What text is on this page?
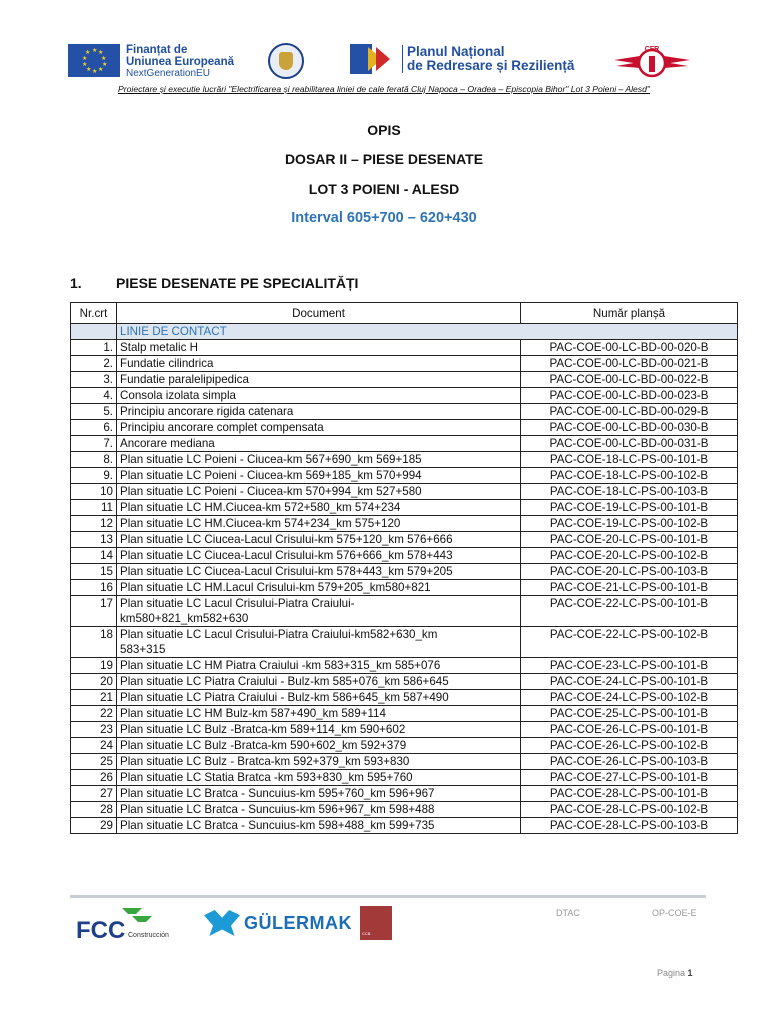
★ ★
★
★
★
★
★
★
★
★	Finanțat de
Uniunea Europeană
NextGenerationEU
Planul Național
de Redresare și Reziliență
CFR
Proiectare și executie lucrări "Electrificarea și reabilitarea liniei de cale ferată Cluj Napoca – Oradea – Episcopia Bihor" Lot 3 Poieni – Alesd"
OPIS
DOSAR II – PIESE DESENATE
LOT 3 POIENI - ALESD
Interval 605+700 – 620+430
1. PIESE DESENATE PE SPECIALITĂȚI
Nr.crt	Document	Număr planșă
	LINIE DE CONTACT	
1.	Stalp metalic H	PAC-COE-00-LC-BD-00-020-B
2.	Fundatie cilindrica	PAC-COE-00-LC-BD-00-021-B
3.	Fundatie paralelipipedica	PAC-COE-00-LC-BD-00-022-B
4.	Consola izolata simpla	PAC-COE-00-LC-BD-00-023-B
5.	Principiu ancorare rigida catenara	PAC-COE-00-LC-BD-00-029-B
6.	Principiu ancorare complet compensata	PAC-COE-00-LC-BD-00-030-B
7.	Ancorare mediana	PAC-COE-00-LC-BD-00-031-B
8.	Plan situatie LC Poieni - Ciucea-km 567+690_km 569+185	PAC-COE-18-LC-PS-00-101-B
9.	Plan situatie LC Poieni - Ciucea-km 569+185_km 570+994	PAC-COE-18-LC-PS-00-102-B
10	Plan situatie LC Poieni - Ciucea-km 570+994_km 527+580	PAC-COE-18-LC-PS-00-103-B
11	Plan situatie LC HM.Ciucea-km 572+580_km 574+234	PAC-COE-19-LC-PS-00-101-B
12	Plan situatie LC HM.Ciucea-km 574+234_km 575+120	PAC-COE-19-LC-PS-00-102-B
13	Plan situatie LC Ciucea-Lacul Crisului-km 575+120_km 576+666	PAC-COE-20-LC-PS-00-101-B
14	Plan situatie LC Ciucea-Lacul Crisului-km 576+666_km 578+443	PAC-COE-20-LC-PS-00-102-B
15	Plan situatie LC Ciucea-Lacul Crisului-km 578+443_km 579+205	PAC-COE-20-LC-PS-00-103-B
16	Plan situatie LC HM.Lacul Crisului-km 579+205_km580+821	PAC-COE-21-LC-PS-00-101-B
17	Plan situatie LC Lacul Crisului-Piatra Craiului-
km580+821_km582+630	PAC-COE-22-LC-PS-00-101-B
18	Plan situatie LC Lacul Crisului-Piatra Craiului-km582+630_km
583+315	PAC-COE-22-LC-PS-00-102-B
19	Plan situatie LC HM Piatra Craiului -km 583+315_km 585+076	PAC-COE-23-LC-PS-00-101-B
20	Plan situatie LC Piatra Craiului - Bulz-km 585+076_km 586+645	PAC-COE-24-LC-PS-00-101-B
21	Plan situatie LC Piatra Craiului - Bulz-km 586+645_km 587+490	PAC-COE-24-LC-PS-00-102-B
22	Plan situatie LC HM Bulz-km 587+490_km 589+114	PAC-COE-25-LC-PS-00-101-B
23	Plan situatie LC Bulz -Bratca-km 589+114_km 590+602	PAC-COE-26-LC-PS-00-101-B
24	Plan situatie LC Bulz -Bratca-km 590+602_km 592+379	PAC-COE-26-LC-PS-00-102-B
25	Plan situatie LC Bulz - Bratca-km 592+379_km 593+830	PAC-COE-26-LC-PS-00-103-B
26	Plan situatie LC Statia Bratca -km 593+830_km 595+760	PAC-COE-27-LC-PS-00-101-B
27	Plan situatie LC Bratca - Suncuius-km 595+760_km 596+967	PAC-COE-28-LC-PS-00-101-B
28	Plan situatie LC Bratca - Suncuius-km 596+967_km 598+488	PAC-COE-28-LC-PS-00-102-B
29	Plan situatie LC Bratca - Suncuius-km 598+488_km 599+735	PAC-COE-28-LC-PS-00-103-B
FCC Construcción
GÜLERMAK
CCB
DTAC	OP-COE-E
Pagina 1
